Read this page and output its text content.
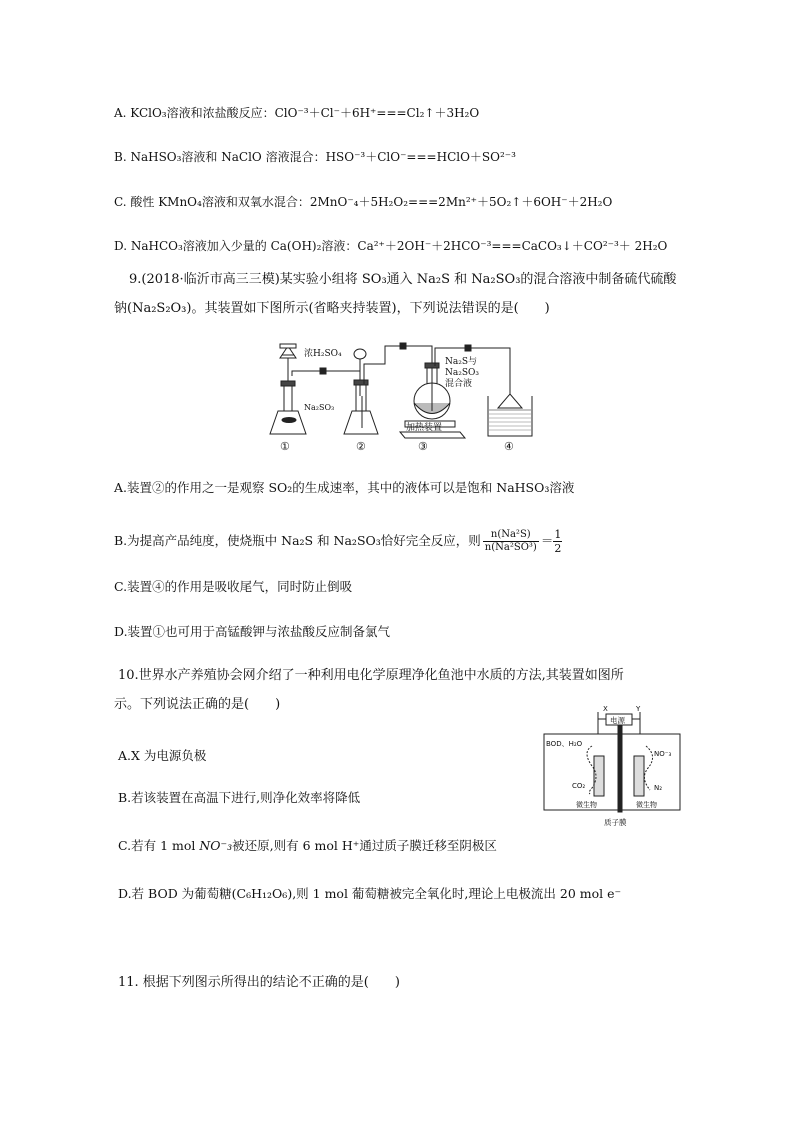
A. KClO₃溶液和浓盐酸反应：ClO⁻³＋Cl⁻＋6H⁺===Cl₂↑＋3H₂O
B. NaHSO₃溶液和 NaClO 溶液混合：HSO⁻³＋ClO⁻===HClO＋SO²⁻³
C. 酸性 KMnO₄溶液和双氧水混合：2MnO⁻₄＋5H₂O₂===2Mn²⁺＋5O₂↑＋6OH⁻＋2H₂O
D. NaHCO₃溶液加入少量的 Ca(OH)₂溶液：Ca²⁺＋2OH⁻＋2HCO⁻³===CaCO₃↓＋CO²⁻³＋ 2H₂O
9.(2018·临沂市高三三模)某实验小组将 SO₃通入 Na₂S 和 Na₂SO₃的混合溶液中制备硫代硫酸
钠(Na₂S₂O₃)。其装置如下图所示(省略夹持装置)，下列说法错误的是(　　)
浓H₂SO₄
Na₂SO₃
Na₂S与
Na₂SO₃
混合液
加热装置
①	②	③	④
A.装置②的作用之一是观察 SO₂的生成速率，其中的液体可以是饱和 NaHSO₃溶液
B.为提高产品纯度，使烧瓶中 Na₂S 和 Na₂SO₃恰好完全反应，则 $\frac{\text{n(Na²S)}}{\text{n(Na²SO³)}} = \frac{1}{2}$
C.装置④的作用是吸收尾气，同时防止倒吸
D.装置①也可用于高锰酸钾与浓盐酸反应制备氯气
10.世界水产养殖协会网介绍了一种利用电化学原理净化鱼池中水质的方法,其装置如图所
示。下列说法正确的是(　　)	X	Y
电源
BOD、H₂O
CO₂
微生物
NO⁻₃
N₂
微生物
质子膜
A.X 为电源负极
B.若该装置在高温下进行,则净化效率将降低
C.若有 1 mol NO⁻₃被还原,则有 6 mol H⁺通过质子膜迁移至阴极区
D.若 BOD 为葡萄糖(C₆H₁₂O₆),则 1 mol 葡萄糖被完全氧化时,理论上电极流出 20 mol e⁻
11. 根据下列图示所得出的结论不正确的是(　　)
